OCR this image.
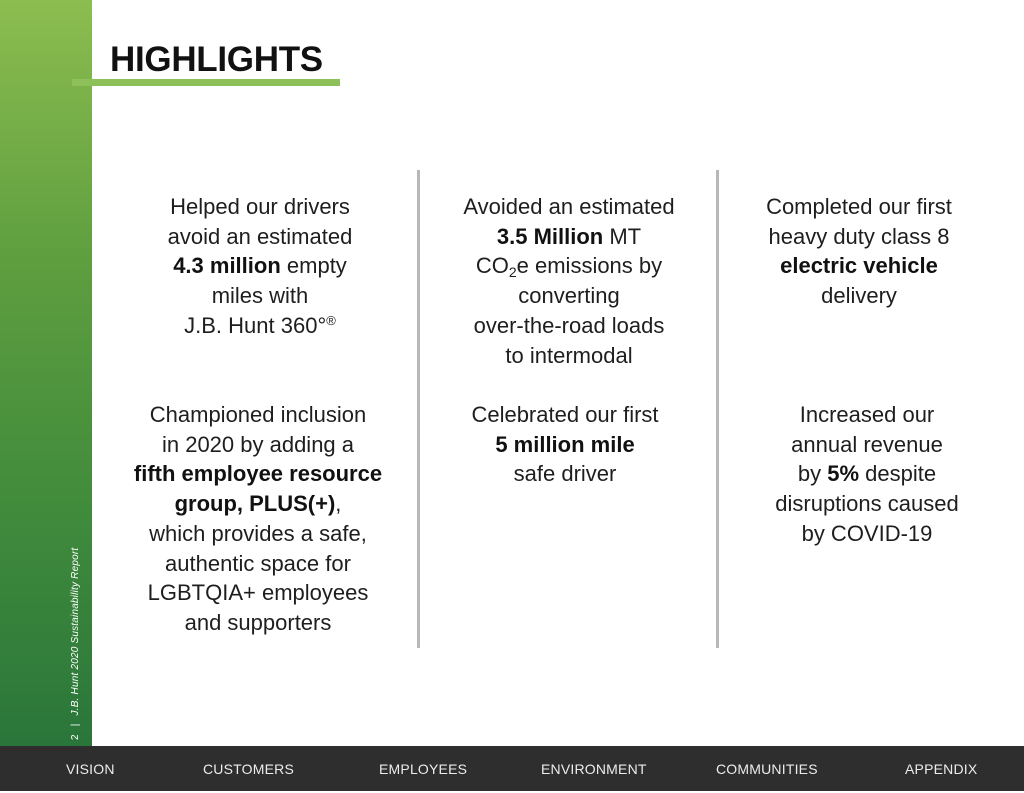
2 | J.B. Hunt 2020 Sustainability Report
HIGHLIGHTS
Helped our drivers
avoid an estimated
4.3 million empty
miles with
J.B. Hunt 360°®
Avoided an estimated
3.5 Million MT
$CO_2e$ emissions by
converting
over-the-road loads
to intermodal
Completed our first
heavy duty class 8
electric vehicle
delivery
Championed inclusion
in 2020 by adding a
fifth employee resource
group, PLUS(+),
which provides a safe,
authentic space for
LGBTQIA+ employees
and supporters
Celebrated our first
5 million mile
safe driver
Increased our
annual revenue
by 5% despite
disruptions caused
by COVID-19
VISION	CUSTOMERS	EMPLOYEES	ENVIRONMENT	COMMUNITIES	APPENDIX
